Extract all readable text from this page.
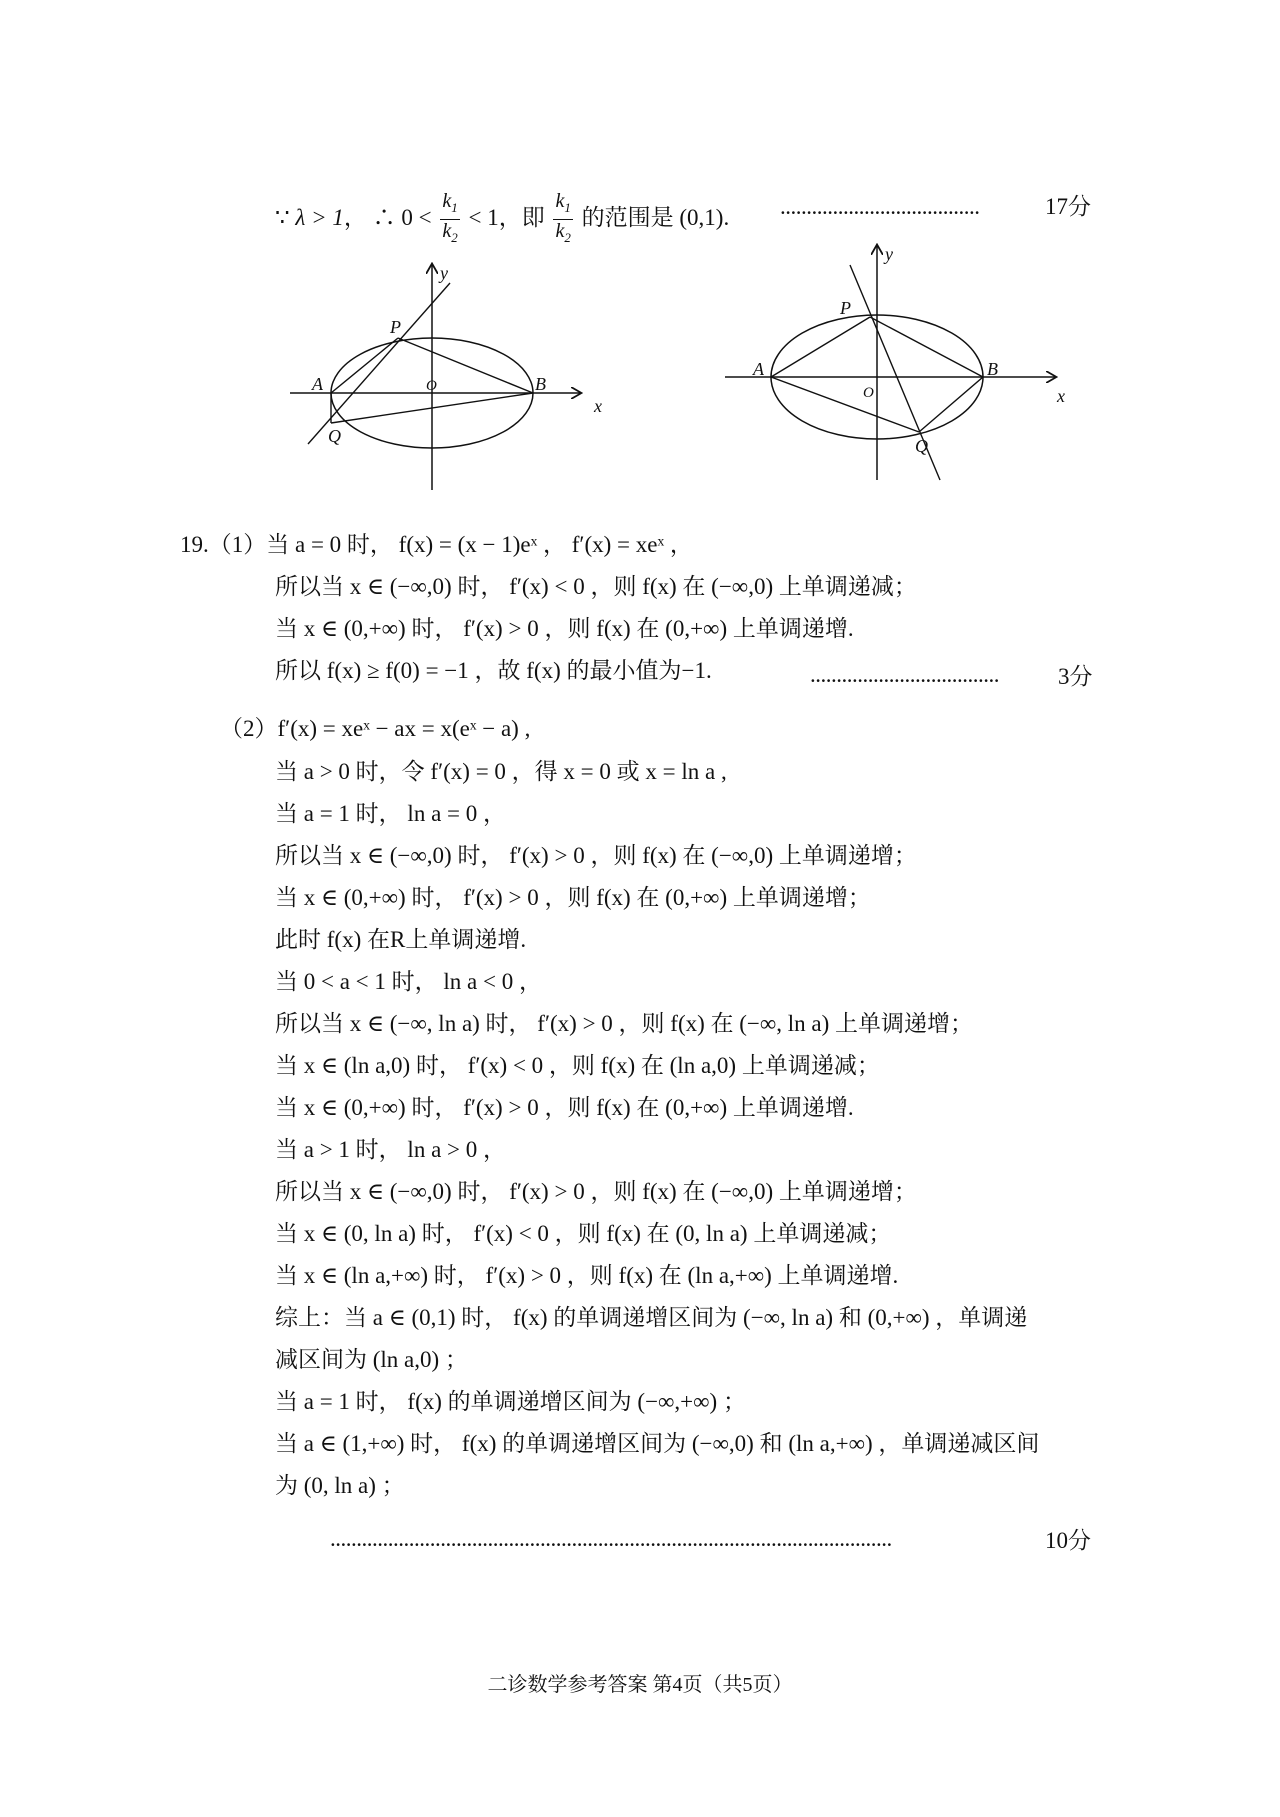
∵ λ > 1， ∴ $0 < \frac{k_1}{k_2} < 1$，即 $\frac{k_1}{k_2}$ 的范围是 (0,1). ......................................	17分
y
x
P
A	O	B
Q
y
x
P
A
O
B
Q
19.（1）当 a = 0 时， f(x) = (x − 1)eˣ ， f′(x) = xeˣ ，
所以当 x ∈ (−∞,0) 时， f′(x) < 0 ，则 f(x) 在 (−∞,0) 上单调递减；
当 x ∈ (0,+∞) 时， f′(x) > 0 ，则 f(x) 在 (0,+∞) 上单调递增.
所以 f(x) ≥ f(0) = −1 ，故 f(x) 的最小值为−1.	....................................	3分
（2）f′(x) = xeˣ − ax = x(eˣ − a) ,
当 a > 0 时，令 f′(x) = 0 ，得 x = 0 或 x = ln a ,
当 a = 1 时， ln a = 0 ，
所以当 x ∈ (−∞,0) 时， f′(x) > 0 ，则 f(x) 在 (−∞,0) 上单调递增；
当 x ∈ (0,+∞) 时， f′(x) > 0 ，则 f(x) 在 (0,+∞) 上单调递增；
此时 f(x) 在R上单调递增.
当 0 < a < 1 时， ln a < 0 ，
所以当 x ∈ (−∞, ln a) 时， f′(x) > 0 ，则 f(x) 在 (−∞, ln a) 上单调递增；
当 x ∈ (ln a,0) 时， f′(x) < 0 ，则 f(x) 在 (ln a,0) 上单调递减；
当 x ∈ (0,+∞) 时， f′(x) > 0 ，则 f(x) 在 (0,+∞) 上单调递增.
当 a > 1 时， ln a > 0 ，
所以当 x ∈ (−∞,0) 时， f′(x) > 0 ，则 f(x) 在 (−∞,0) 上单调递增；
当 x ∈ (0, ln a) 时， f′(x) < 0 ，则 f(x) 在 (0, ln a) 上单调递减；
当 x ∈ (ln a,+∞) 时， f′(x) > 0 ，则 f(x) 在 (ln a,+∞) 上单调递增.
综上：当 a ∈ (0,1) 时， f(x) 的单调递增区间为 (−∞, ln a) 和 (0,+∞) ，单调递
减区间为 (ln a,0) ；
当 a = 1 时， f(x) 的单调递增区间为 (−∞,+∞) ；
当 a ∈ (1,+∞) 时， f(x) 的单调递增区间为 (−∞,0) 和 (ln a,+∞) ，单调递减区间
为 (0, ln a) ；
...........................................................................................................	10分
二诊数学参考答案 第4页（共5页）
